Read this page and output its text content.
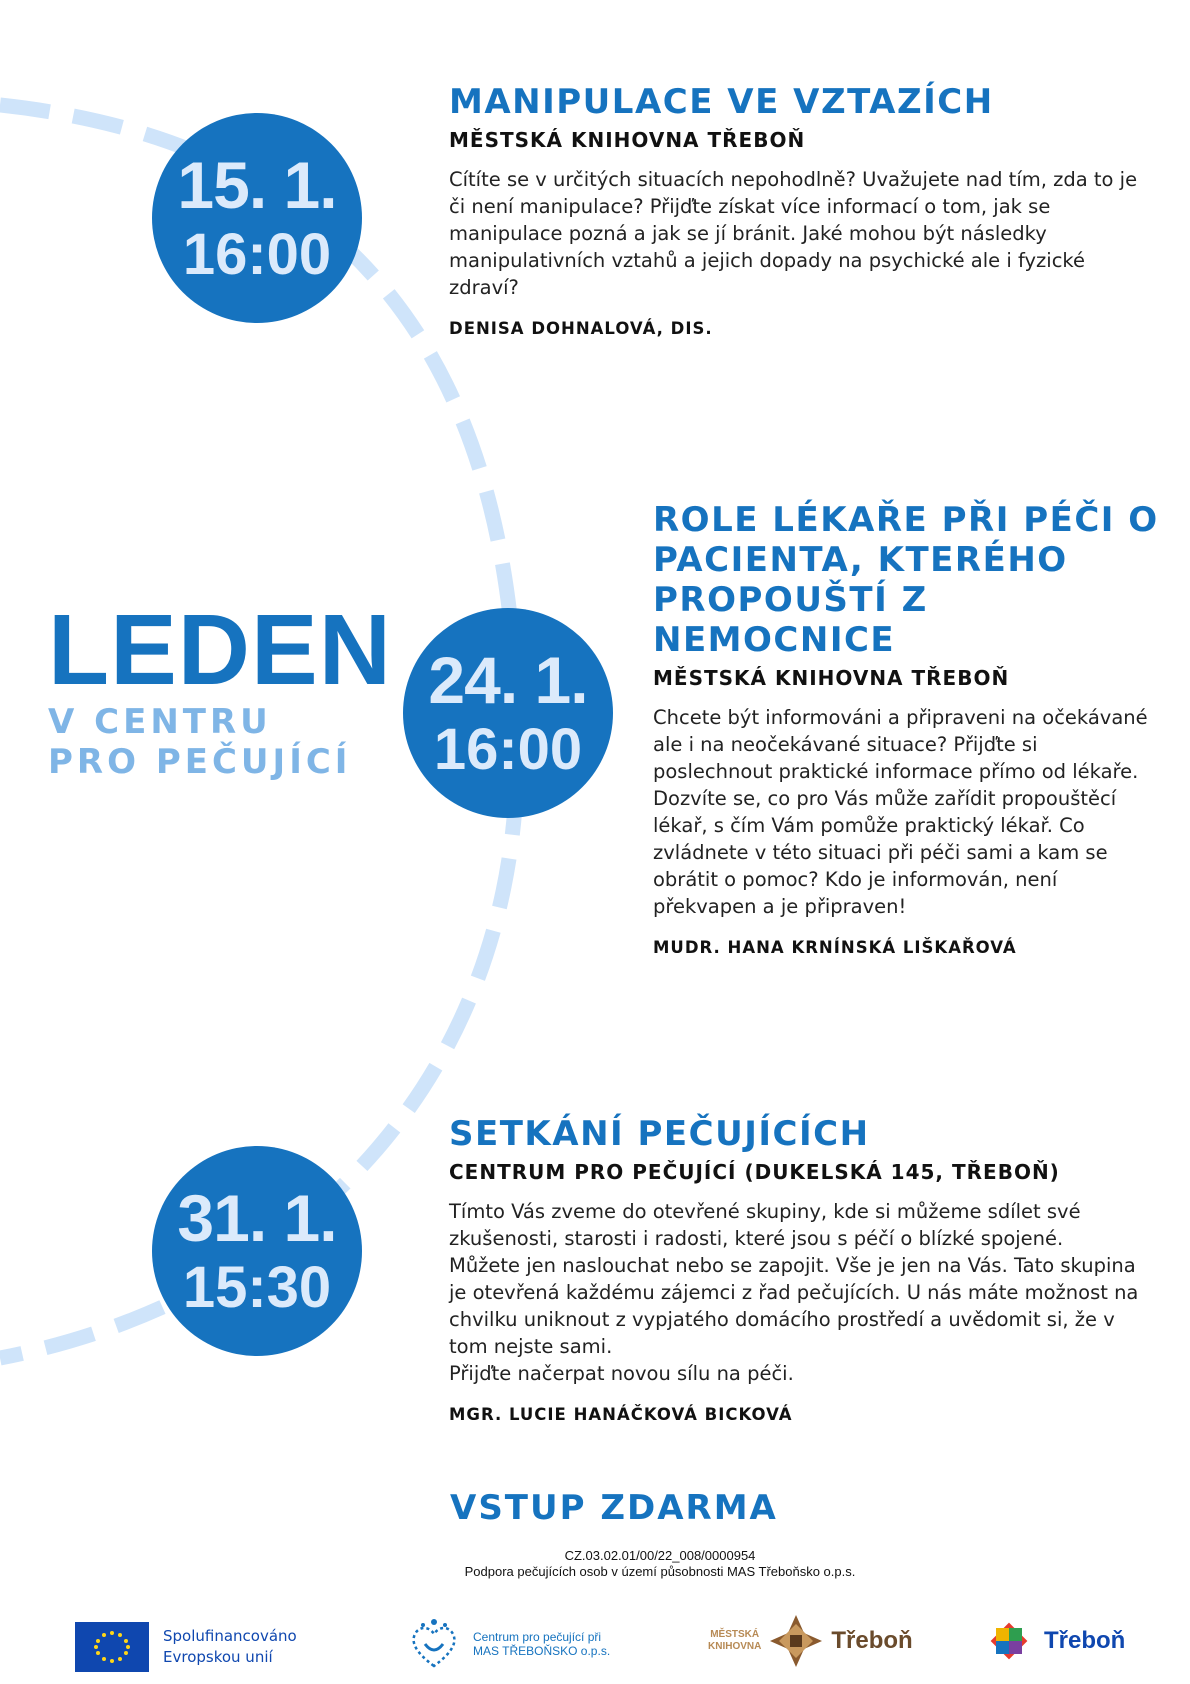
15. 1.
16:00
MANIPULACE VE VZTAZÍCH
MĚSTSKÁ KNIHOVNA TŘEBOŇ
Cítíte se v určitých situacích nepohodlně? Uvažujete nad tím, zda to je či není manipulace? Přijďte získat více informací o tom, jak se manipulace pozná a jak se jí bránit. Jaké mohou být následky manipulativních vztahů a jejich dopady na psychické ale i fyzické zdraví?
DENISA DOHNALOVÁ, DIS.
LEDEN
V CENTRU
PRO PEČUJÍCÍ
24. 1.
16:00
ROLE LÉKAŘE PŘI PÉČI O PACIENTA, KTERÉHO PROPOUŠTÍ Z NEMOCNICE
MĚSTSKÁ KNIHOVNA TŘEBOŇ
Chcete být informováni a připraveni na očekávané ale i na neočekávané situace? Přijďte si poslechnout praktické informace přímo od lékaře. Dozvíte se, co pro Vás může zařídit propouštěcí lékař, s čím Vám pomůže praktický lékař. Co zvládnete v této situaci při péči sami a kam se obrátit o pomoc? Kdo je informován, není překvapen a je připraven!
MUDR. HANA KRNÍNSKÁ LIŠKAŘOVÁ
31. 1.
15:30
SETKÁNÍ PEČUJÍCÍCH
CENTRUM PRO PEČUJÍCÍ (DUKELSKÁ 145, TŘEBOŇ)
Tímto Vás zveme do otevřené skupiny, kde si můžeme sdílet své zkušenosti, starosti i radosti, které jsou s péčí o blízké spojené. Můžete jen naslouchat nebo se zapojit. Vše je jen na Vás. Tato skupina je otevřená každému zájemci z řad pečujících. U nás máte možnost na chvilku uniknout z vypjatého domácího prostředí a uvědomit si, že v tom nejste sami.
Přijďte načerpat novou sílu na péči.
MGR. LUCIE HANÁČKOVÁ BICKOVÁ
VSTUP ZDARMA
CZ.03.02.01/00/22_008/0000954
Podpora pečujících osob v území působnosti MAS Třeboňsko o.p.s.
Spolufinancováno
Evropskou unií
Centrum pro pečující při
MAS TŘEBOŇSKO o.p.s.
MĚSTSKÁ
KNIHOVNA	Třeboň	Třeboň
